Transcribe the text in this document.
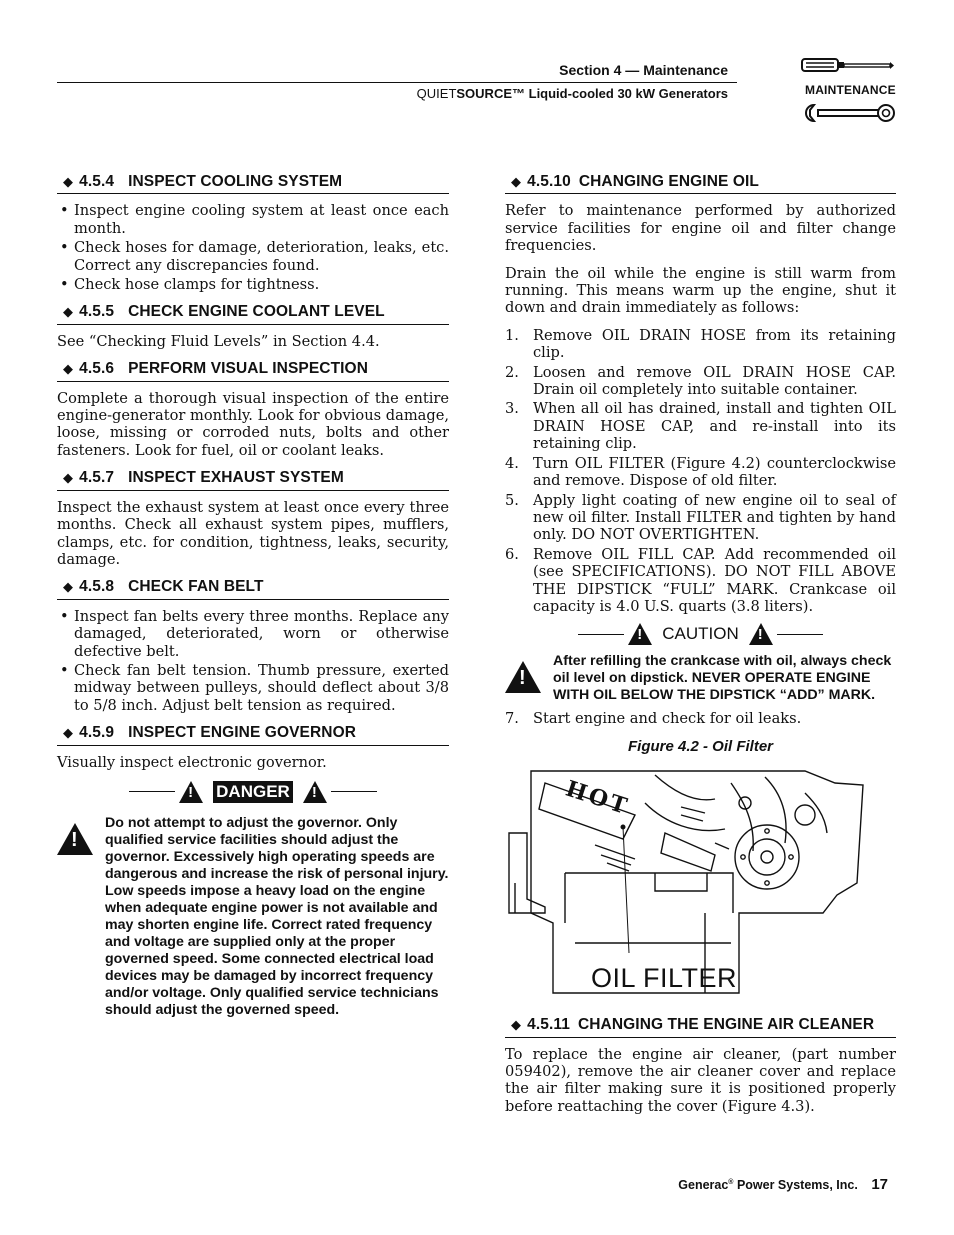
Section 4 — Maintenance
QUIETSOURCE™ Liquid-cooled 30 kW Generators	MAINTENANCE
◆ 4.5.4 INSPECT COOLING SYSTEM
• Inspect engine cooling system at least once each month.
• Check hoses for damage, deterioration, leaks, etc. Correct any discrepancies found.
• Check hose clamps for tightness.
◆ 4.5.5 CHECK ENGINE COOLANT LEVEL

See “Checking Fluid Levels” in Section 4.4.

◆ 4.5.6 PERFORM VISUAL INSPECTION

Complete a thorough visual inspection of the entire engine-generator monthly. Look for obvious damage, loose, missing or corroded nuts, bolts and other fasteners. Look for fuel, oil or coolant leaks.

◆ 4.5.7 INSPECT EXHAUST SYSTEM

Inspect the exhaust system at least once every three months. Check all exhaust system pipes, mufflers, clamps, etc. for condition, tightness, leaks, security, damage.

◆ 4.5.8 CHECK FAN BELT
• Inspect fan belts every three months. Replace any damaged, deteriorated, worn or otherwise defective belt.
• Check fan belt tension. Thumb pressure, exerted midway between pulleys, should deflect about 3/8 to 5/8 inch. Adjust belt tension as required.
◆ 4.5.9 INSPECT ENGINE GOVERNOR

Visually inspect electronic governor.

!
DANGER
!
!
Do not attempt to adjust the governor. Only qualified service facilities should adjust the governor. Excessively high operating speeds are dangerous and increase the risk of personal injury. Low speeds impose a heavy load on the engine when adequate engine power is not available and may shorten engine life. Correct rated frequency and voltage are supplied only at the proper governed speed. Some connected electrical load devices may be damaged by incorrect frequency and/or voltage. Only qualified service technicians should adjust the governed speed.
◆ 4.5.10 CHANGING ENGINE OIL

Refer to maintenance performed by authorized service facilities for engine oil and filter change frequencies.

Drain the oil while the engine is still warm from running. This means warm up the engine, shut it down and drain immediately as follows:

1. Remove OIL DRAIN HOSE from its retaining clip.
2. Loosen and remove OIL DRAIN HOSE CAP. Drain oil completely into suitable container.
3. When all oil has drained, install and tighten OIL DRAIN HOSE CAP, and re-install into its retaining clip.
4. Turn OIL FILTER (Figure 4.2) counterclockwise and remove. Dispose of old filter.
5. Apply light coating of new engine oil to seal of new oil filter. Install FILTER and tighten by hand only. DO NOT OVERTIGHTEN.
6. Remove OIL FILL CAP. Add recommended oil (see SPECIFICATIONS). DO NOT FILL ABOVE THE DIPSTICK “FULL” MARK. Crankcase oil capacity is 4.0 U.S. quarts (3.8 liters).
!
CAUTION
!
!
After refilling the crankcase with oil, always check oil level on dipstick. NEVER OPERATE ENGINE WITH OIL BELOW THE DIPSTICK “ADD” MARK.
7. Start engine and check for oil leaks.
Figure 4.2 - Oil Filter
HOT
OIL FILTER
◆ 4.5.11 CHANGING THE ENGINE AIR CLEANER

To replace the engine air cleaner, (part number 059402), remove the air cleaner cover and replace the air filter making sure it is positioned properly before reattaching the cover (Figure 4.3).

Generac® Power Systems, Inc. 17
